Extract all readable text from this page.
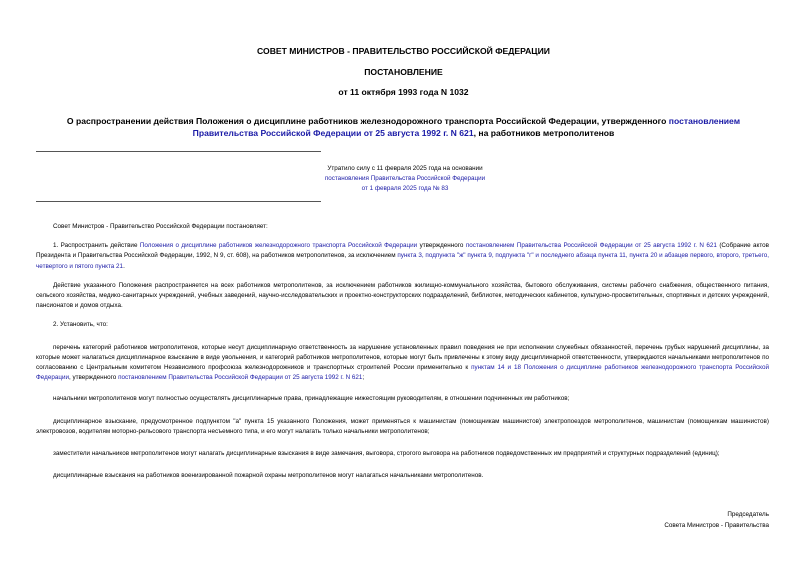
СОВЕТ МИНИСТРОВ - ПРАВИТЕЛЬСТВО РОССИЙСКОЙ ФЕДЕРАЦИИ
ПОСТАНОВЛЕНИЕ
от 11 октября 1993 года N 1032
О распространении действия Положения о дисциплине работников железнодорожного транспорта Российской Федерации, утвержденного постановлением Правительства Российской Федерации от 25 августа 1992 г. N 621, на работников метрополитенов
Утратило силу с 11 февраля 2025 года на основании
постановления Правительства Российской Федерации
от 1 февраля 2025 года № 83

Совет Министров - Правительство Российской Федерации постановляет:

1. Распространить действие Положения о дисциплине работников железнодорожного транспорта Российской Федерации утвержденного постановлением Правительства Российской Федерации от 25 августа 1992 г. N 621 (Собрание актов Президента и Правительства Российской Федерации, 1992, N 9, ст. 608), на работников метрополитенов, за исключением пункта 3, подпункта "ж" пункта 9, подпункта "г" и последнего абзаца пункта 11, пункта 20 и абзацев первого, второго, третьего, четвертого и пятого пункта 21.

Действие указанного Положения распространяется на всех работников метрополитенов, за исключением работников жилищно-коммунального хозяйства, бытового обслуживания, системы рабочего снабжения, общественного питания, сельского хозяйства, медико-санитарных учреждений, учебных заведений, научно-исследовательских и проектно-конструкторских подразделений, библиотек, методических кабинетов, культурно-просветительных, спортивных и детских учреждений, пансионатов и домов отдыха.

2. Установить, что:

перечень категорий работников метрополитенов, которые несут дисциплинарную ответственность за нарушение установленных правил поведения не при исполнении служебных обязанностей, перечень грубых нарушений дисциплины, за которые может налагаться дисциплинарное взыскание в виде увольнения, и категорий работников метрополитенов, которые могут быть привлечены к этому виду дисциплинарной ответственности, утверждаются начальниками метрополитенов по согласованию с Центральным комитетом Независимого профсоюза железнодорожников и транспортных строителей России применительно к пунктам 14 и 18 Положения о дисциплине работников железнодорожного транспорта Российской Федерации, утвержденного постановлением Правительства Российской Федерации от 25 августа 1992 г. N 621;

начальники метрополитенов могут полностью осуществлять дисциплинарные права, принадлежащие нижестоящим руководителям, в отношении подчиненных им работников;

дисциплинарное взыскание, предусмотренное подпунктом "а" пункта 15 указанного Положения, может применяться к машинистам (помощникам машинистов) электропоездов метрополитенов, машинистам (помощникам машинистов) электровозов, водителям моторно-рельсового транспорта несъемного типа, и его могут налагать только начальники метрополитенов;

заместители начальников метрополитенов могут налагать дисциплинарные взыскания в виде замечания, выговора, строгого выговора на работников подведомственных им предприятий и структурных подразделений (единиц);

дисциплинарные взыскания на работников военизированной пожарной охраны метрополитенов могут налагаться начальниками метрополитенов.

Председатель
Совета Министров - Правительства
